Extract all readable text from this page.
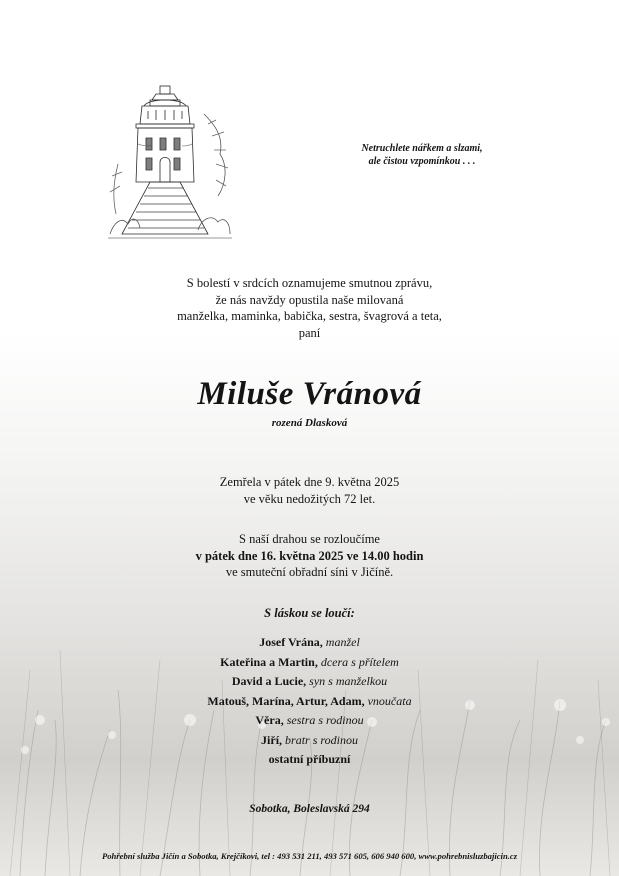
Netruchlete nářkem a slzami,
ale čistou vzpomínkou . . .
S bolestí v srdcích oznamujeme smutnou zprávu,
že nás navždy opustila naše milovaná
manželka, maminka, babička, sestra, švagrová a teta,
paní
Miluše Vránová
rozená Dlasková
Zemřela v pátek dne 9. května 2025
ve věku nedožitých 72 let.
S naší drahou se rozloučíme
v pátek dne 16. května 2025 ve 14.00 hodin
ve smuteční obřadní síni v Jičíně.
S láskou se loučí:
Josef Vrána, manžel
Kateřina a Martin, dcera s přítelem
David a Lucie, syn s manželkou
Matouš, Marína, Artur, Adam, vnoučata
Věra, sestra s rodinou
Jiří, bratr s rodinou
ostatní příbuzní
Sobotka, Boleslavská 294
Pohřební služba Jičín a Sobotka, Krejčíkovi, tel : 493 531 211, 493 571 605, 606 940 600, www.pohrebnisluzbajicin.cz
